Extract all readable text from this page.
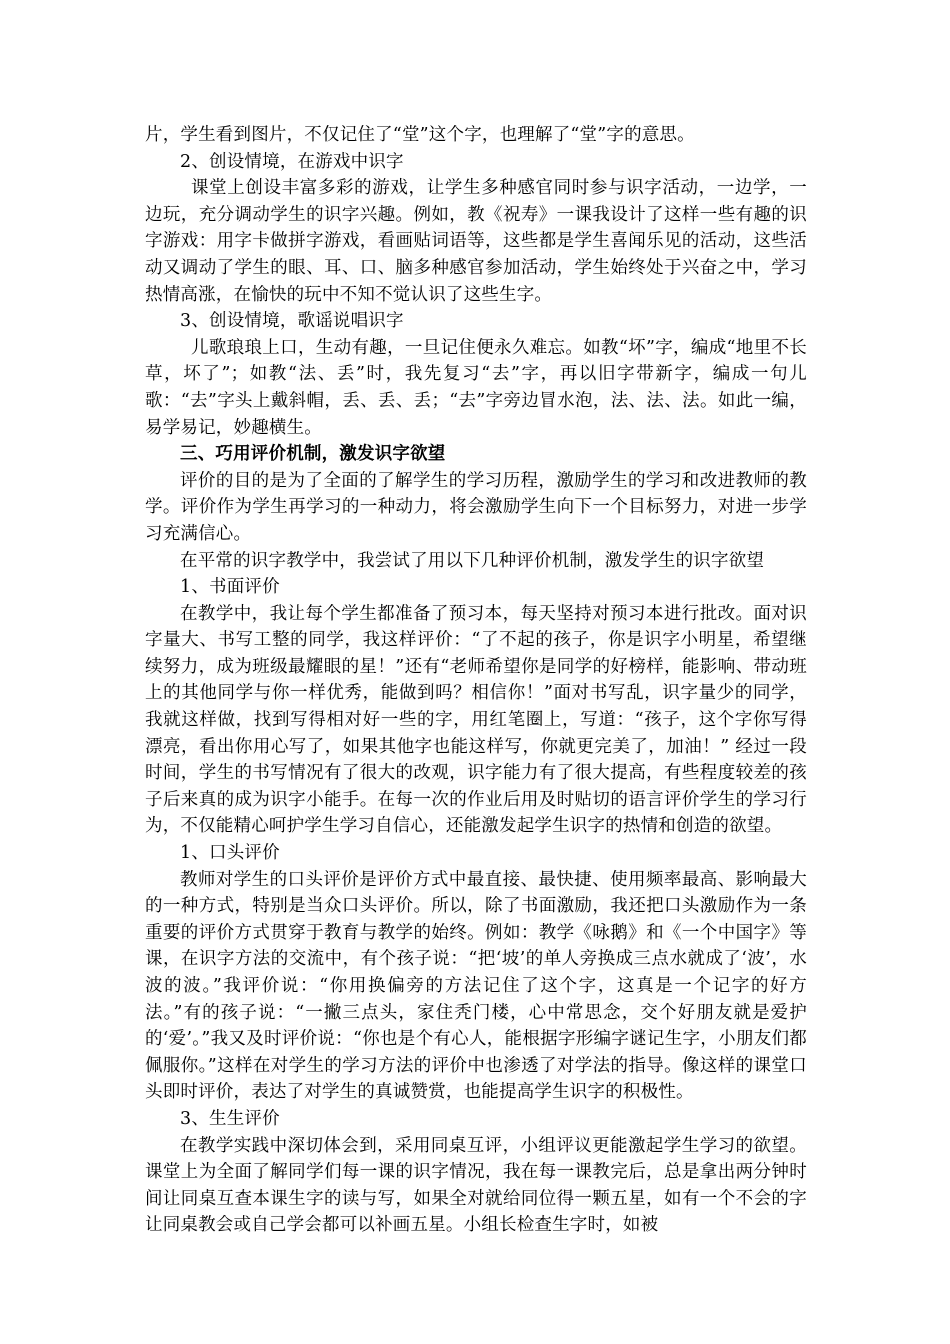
片，学生看到图片，不仅记住了“堂”这个字，也理解了“堂”字的意思。

2、创设情境，在游戏中识字

课堂上创设丰富多彩的游戏，让学生多种感官同时参与识字活动，一边学，一边玩，充分调动学生的识字兴趣。例如，教《祝寿》一课我设计了这样一些有趣的识字游戏：用字卡做拼字游戏，看画贴词语等，这些都是学生喜闻乐见的活动，这些活动又调动了学生的眼、耳、口、脑多种感官参加活动，学生始终处于兴奋之中，学习热情高涨，在愉快的玩中不知不觉认识了这些生字。

3、创设情境，歌谣说唱识字

儿歌琅琅上口，生动有趣，一旦记住便永久难忘。如教“坏”字，编成“地里不长草，坏了”；如教“法、丢”时，我先复习“去”字，再以旧字带新字，编成一句儿歌：“去”字头上戴斜帽，丢、丢、丢；“去”字旁边冒水泡，法、法、法。如此一编，易学易记，妙趣横生。

三、巧用评价机制，激发识字欲望

评价的目的是为了全面的了解学生的学习历程，激励学生的学习和改进教师的教学。评价作为学生再学习的一种动力，将会激励学生向下一个目标努力，对进一步学习充满信心。

在平常的识字教学中，我尝试了用以下几种评价机制，激发学生的识字欲望

1、书面评价

在教学中，我让每个学生都准备了预习本，每天坚持对预习本进行批改。面对识字量大、书写工整的同学，我这样评价：“了不起的孩子，你是识字小明星，希望继续努力，成为班级最耀眼的星！”还有“老师希望你是同学的好榜样，能影响、带动班上的其他同学与你一样优秀，能做到吗？相信你！”面对书写乱，识字量少的同学，我就这样做，找到写得相对好一些的字，用红笔圈上，写道：“孩子，这个字你写得漂亮，看出你用心写了，如果其他字也能这样写，你就更完美了，加油！” 经过一段时间，学生的书写情况有了很大的改观，识字能力有了很大提高，有些程度较差的孩子后来真的成为识字小能手。在每一次的作业后用及时贴切的语言评价学生的学习行为，不仅能精心呵护学生学习自信心，还能激发起学生识字的热情和创造的欲望。

1、口头评价

教师对学生的口头评价是评价方式中最直接、最快捷、使用频率最高、影响最大的一种方式，特别是当众口头评价。所以，除了书面激励，我还把口头激励作为一条重要的评价方式贯穿于教育与教学的始终。例如：教学《咏鹅》和《一个中国字》等课，在识字方法的交流中，有个孩子说：“把‘坡’的单人旁换成三点水就成了‘波’，水波的波。”我评价说：“你用换偏旁的方法记住了这个字，这真是一个记字的好方法。”有的孩子说：“一撇三点头，家住秃门楼，心中常思念，交个好朋友就是爱护的‘爱’。”我又及时评价说：“你也是个有心人，能根据字形编字谜记生字，小朋友们都佩服你。”这样在对学生的学习方法的评价中也渗透了对学法的指导。像这样的课堂口头即时评价，表达了对学生的真诚赞赏，也能提高学生识字的积极性。

3、生生评价

在教学实践中深切体会到，采用同桌互评，小组评议更能激起学生学习的欲望。课堂上为全面了解同学们每一课的识字情况，我在每一课教完后，总是拿出两分钟时间让同桌互查本课生字的读与写，如果全对就给同位得一颗五星，如有一个不会的字让同桌教会或自己学会都可以补画五星。小组长检查生字时，如被
